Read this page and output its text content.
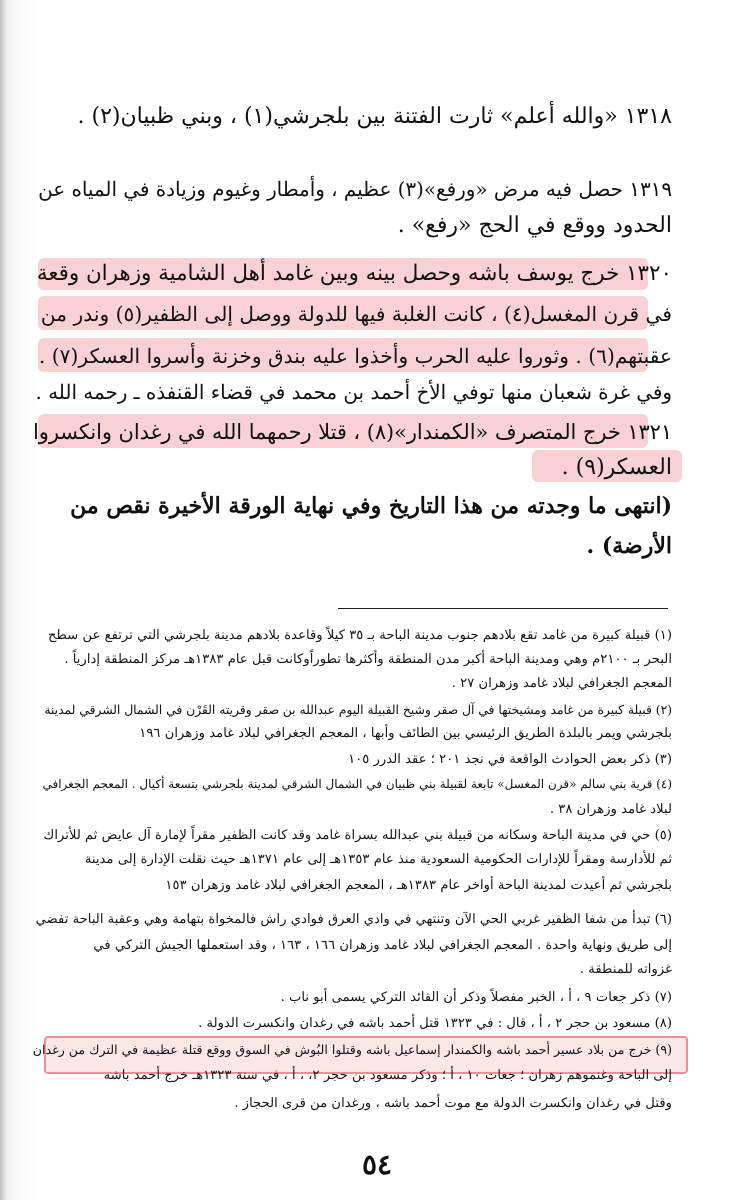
١٣١٨ «والله أعلم» ثارت الفتنة بين بلجرشي(١) ، وبني ظبيان(٢) .
١٣١٩ حصل فيه مرض «ورفع»(٣) عظيم ، وأمطار وغيوم وزيادة في المياه عن
الحدود ووقع في الحج «رفع» .
١٣٢٠ خرج يوسف باشه وحصل بينه وبين غامد أهل الشامية وزهران وقعة
في قرن المغسل(٤) ، كانت الغلبة فيها للدولة ووصل إلى الظفير(٥) وندر من
عقبتهم(٦) . وثوروا عليه الحرب وأخذوا عليه بندق وخزنة وأسروا العسكر(٧) .
وفي غرة شعبان منها توفي الأخ أحمد بن محمد في قضاء القنفذه ـ رحمه الله .
١٣٢١ خرج المتصرف «الكمندار»(٨) ، قتلا رحمهما الله في رغدان وانكسروا
العسكر(٩) .
(انتهى ما وجدته من هذا التاريخ وفي نهاية الورقة الأخيرة نقص من
الأرضة) .
(١) قبيلة كبيرة من غامد تقع بلادهم جنوب مدينة الباحة بـ ٣٥ كيلاً وقاعدة بلادهم مدينة بلجرشي التي ترتفع عن سطح
البحر بـ ٢١٠٠م وهي ومدينة الباحة أكبر مدن المنطقة وأكثرها تطوراًوكانت قبل عام ١٣٨٣هـ مركز المنطقة إدارياً .
المعجم الجغرافي لبلاد غامد وزهران ٢٧ .
(٢) قبيلة كبيرة من غامد ومشيختها في آل صقر وشيخ القبيلة اليوم عبدالله بن صقر وقريته القَرْن في الشمال الشرقي لمدينة
بلجرشي ويمر بالبلدة الطريق الرئيسي بين الطائف وأبها ، المعجم الجغرافي لبلاد غامد وزهران ١٩٦
(٣) ذكر بعض الحوادث الواقعة في نجد ٢٠١ ؛ عقد الدرر ١٠٥
(٤) قرية بني سالم «قرن المغسل» تابعة لقبيلة بني ظبيان في الشمال الشرقي لمدينة بلجرشي بتسعة أكيال . المعجم الجغرافي
لبلاد غامد وزهران ٣٨ .
(٥) حي في مدينة الباحة وسكانه من قبيلة بني عبدالله بسراة غامد وقد كانت الظفير مقراً لإمارة آل عايض ثم للأتراك
ثم للأدارسة ومقراً للإدارات الحكومية السعودية منذ عام ١٣٥٣هـ إلى عام ١٣٧١هـ حيث نقلت الإدارة إلى مدينة
بلجرشي ثم أعيدت لمدينة الباحة أواخر عام ١٣٨٣هـ ، المعجم الجغرافي لبلاد غامد وزهران ١٥٣
(٦) تبدأ من شفا الظفير غربي الحي الآن وتنتهي في وادي العرق فوادي راش فالمخواة بتهامة وهي وعقبة الباحة تفضي
إلى طريق ونهاية واحدة . المعجم الجغرافي لبلاد غامد وزهران ١٦٦ ، ١٦٣ ، وقد استعملها الجيش التركي في
غزواته للمنطقة .
(٧) ذكر جعات ٩ ، أ ، الخبر مفصلاً وذكر أن القائد التركي يسمى أبو ناب .
(٨) مسعود بن حجر ٢ ، أ ، قال : في ١٣٢٣ قتل أحمد باشه في رغدان وانكسرت الدولة .
(٩) خرج من بلاد عسير أحمد باشه والكمندار إسماعيل باشه وقتلوا البُوش في السوق ووقع قتلة عظيمة في الترك من رغدان
إلى الباحة وغنموهم زهران ؛ جعات ١٠ ، أ ؛ وذكر مسعود بن حجر ٢، ، أ ، في سنة ١٣٢٣هـ خرج أحمد باشه
وقتل في رغدان وانكسرت الدولة مع موت أحمد باشه ، ورغدان من قرى الحجاز .
٥٤
